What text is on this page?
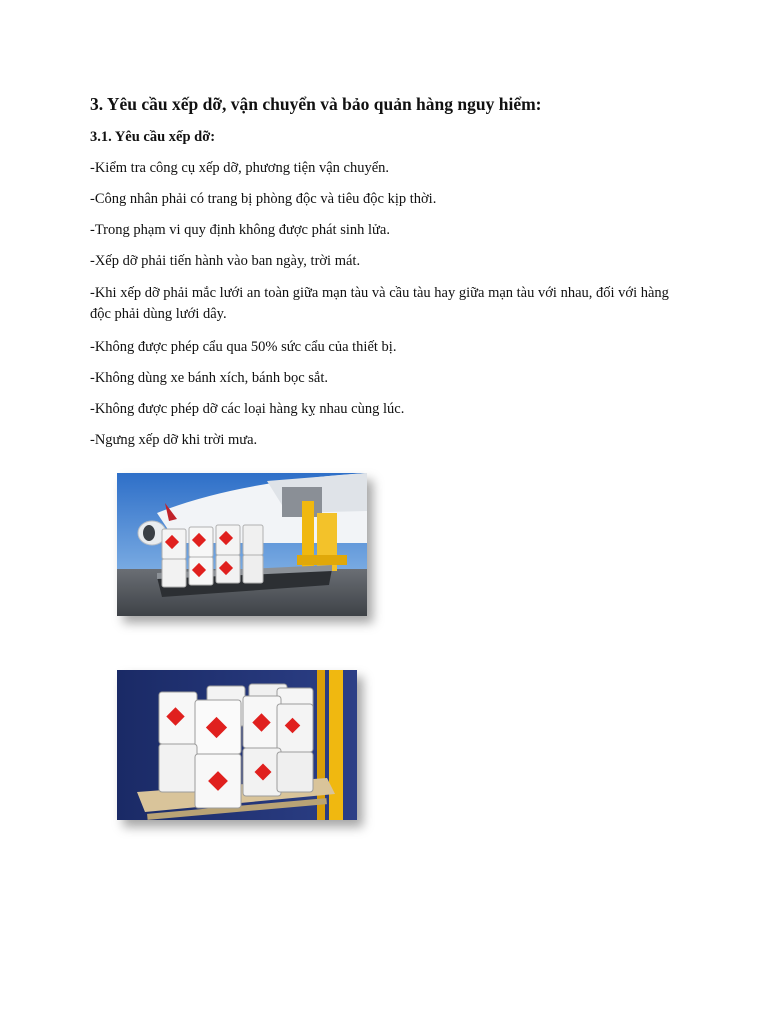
3. Yêu cầu xếp dỡ, vận chuyển và bảo quản hàng nguy hiểm:
3.1. Yêu cầu xếp dỡ:
-Kiểm tra công cụ xếp dỡ, phương tiện vận chuyển.
-Công nhân phải có trang bị phòng độc và tiêu độc kịp thời.
-Trong phạm vi quy định không được phát sinh lửa.
-Xếp dỡ phải tiến hành vào ban ngày, trời mát.
-Khi xếp dỡ phải mắc lưới an toàn giữa mạn tàu và cầu tàu hay giữa mạn tàu với nhau, đối với hàng độc phải dùng lưới dây.
-Không được phép cẩu qua 50% sức cẩu của thiết bị.
-Không dùng xe bánh xích, bánh bọc sắt.
-Không được phép dỡ các loại hàng kỵ nhau cùng lúc.
-Ngưng xếp dỡ khi trời mưa.
